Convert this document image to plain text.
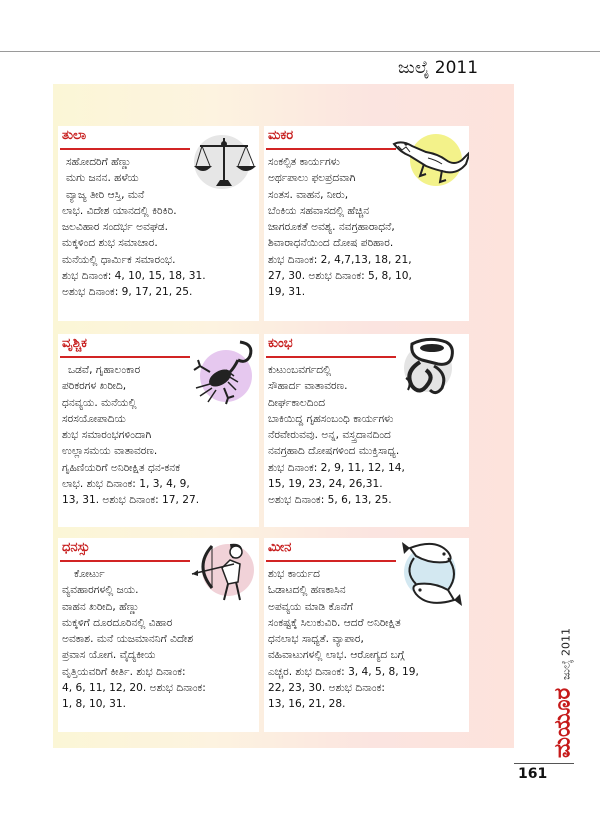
ಜುಲೈ 2011
ತುಲಾ
ಸಹೋದರಿಗೆ ಹೆಣ್ಣು
ಮಗು ಜನನ. ಹಳೆಯ
ವ್ಯಾಜ್ಯ ತೀರಿ ಆಸ್ತಿ, ಮನೆ
ಲಾಭ. ವಿದೇಶ ಯಾನದಲ್ಲಿ ಕಿರಿಕಿರಿ.
ಜಲವಿಹಾರ ಸಂದರ್ಭ ಅವಘಡ.
ಮಕ್ಕಳಿಂದ ಶುಭ ಸಮಾಚಾರ.
ಮನೆಯಲ್ಲಿ ಧಾರ್ಮಿಕ ಸಮಾರಂಭ.
ಶುಭ ದಿನಾಂಕ: 4, 10, 15, 18, 31.
ಅಶುಭ ದಿನಾಂಕ: 9, 17, 21, 25.
ಮಕರ
ಸಂಕಲ್ಪಿತ ಕಾರ್ಯಗಳು
ಅರ್ಥಪಾಲು ಫಲಪ್ರದವಾಗಿ
ಸಂತಸ. ವಾಹನ, ನೀರು,
ಬೆಂಕಿಯ ಸಹವಾಸದಲ್ಲಿ ಹೆಚ್ಚಿನ
ಜಾಗರೂಕತೆ ಅವಶ್ಯ. ನವಗ್ರಹಾರಾಧನೆ,
ಶಿವಾರಾಧನೆಯಿಂದ ದೋಷ ಪರಿಹಾರ.
ಶುಭ ದಿನಾಂಕ: 2, 4,7,13, 18, 21,
27, 30. ಅಶುಭ ದಿನಾಂಕ: 5, 8, 10,
19, 31.
ವೃಶ್ಚಿಕ
ಒಡವೆ, ಗೃಹಾಲಂಕಾರ
ಪರಿಕರಗಳ ಖರೀದಿ,
ಧನವ್ಯಯ. ಮನೆಯಲ್ಲಿ
ಸರಸಯೋಪಾದಿಯ
ಶುಭ ಸಮಾರಂಭಗಳಿಂದಾಗಿ
ಉಲ್ಲಾಸಮಯ ವಾತಾವರಣ.
ಗೃಹಿಣಿಯರಿಗೆ ಅನಿರೀಕ್ಷಿತ ಧನ-ಕನಕ
ಲಾಭ. ಶುಭ ದಿನಾಂಕ: 1, 3, 4, 9,
13, 31. ಅಶುಭ ದಿನಾಂಕ: 17, 27.
ಕುಂಭ
ಕುಟುಂಬವರ್ಗದಲ್ಲಿ
ಸೌಹಾರ್ದ ವಾತಾವರಣ.
ದೀರ್ಘಕಾಲದಿಂದ
ಬಾಕಿಯಿದ್ದ ಗೃಹಸಂಬಂಧಿ ಕಾರ್ಯಗಳು
ನೆರವೇರುವವು. ಅನ್ನ, ವಸ್ತ್ರದಾನದಿಂದ
ನವಗ್ರಹಾದಿ ದೋಷಗಳಿಂದ ಮುಕ್ತಿಸಾಧ್ಯ.
ಶುಭ ದಿನಾಂಕ: 2, 9, 11, 12, 14,
15, 19, 23, 24, 26,31.
ಅಶುಭ ದಿನಾಂಕ: 5, 6, 13, 25.
ಧನಸ್ಸು
ಕೋರ್ಟು
ವ್ಯವಹಾರಗಳಲ್ಲಿ ಜಯ.
ವಾಹನ ಖರೀದಿ, ಹೆಣ್ಣು
ಮಕ್ಕಳಿಗೆ ದೂರದೂರಿನಲ್ಲಿ ವಿಹಾರ
ಅವಕಾಶ. ಮನೆ ಯಜಮಾನನಿಗೆ ವಿದೇಶ
ಪ್ರವಾಸ ಯೋಗ. ವೈದ್ಯಕೀಯ
ವೃತ್ತಿಯವರಿಗೆ ಕೀರ್ತಿ. ಶುಭ ದಿನಾಂಕ:
4, 6, 11, 12, 20. ಅಶುಭ ದಿನಾಂಕ:
1, 8, 10, 31.
ಮೀನ
ಶುಭ ಕಾರ್ಯದ
ಓಡಾಟದಲ್ಲಿ ಹಣಕಾಸಿನ
ಅಪವ್ಯಯ ಮಾಡಿ ಕೊನೆಗೆ
ಸಂಕಷ್ಟಕ್ಕೆ ಸಿಲುಕುವಿರಿ. ಆದರೆ ಅನಿರೀಕ್ಷಿತ
ಧನಲಾಭ ಸಾಧ್ಯತೆ. ವ್ಯಾಪಾರ,
ವಹಿವಾಟುಗಳಲ್ಲಿ ಲಾಭ. ಆರೋಗ್ಯದ ಬಗ್ಗೆ
ಎಚ್ಚರ. ಶುಭ ದಿನಾಂಕ: 3, 4, 5, 8, 19,
22, 23, 30. ಅಶುಭ ದಿನಾಂಕ:
13, 16, 21, 28.	ಮಯೂರ
ಜುಲೈ 2011
161
